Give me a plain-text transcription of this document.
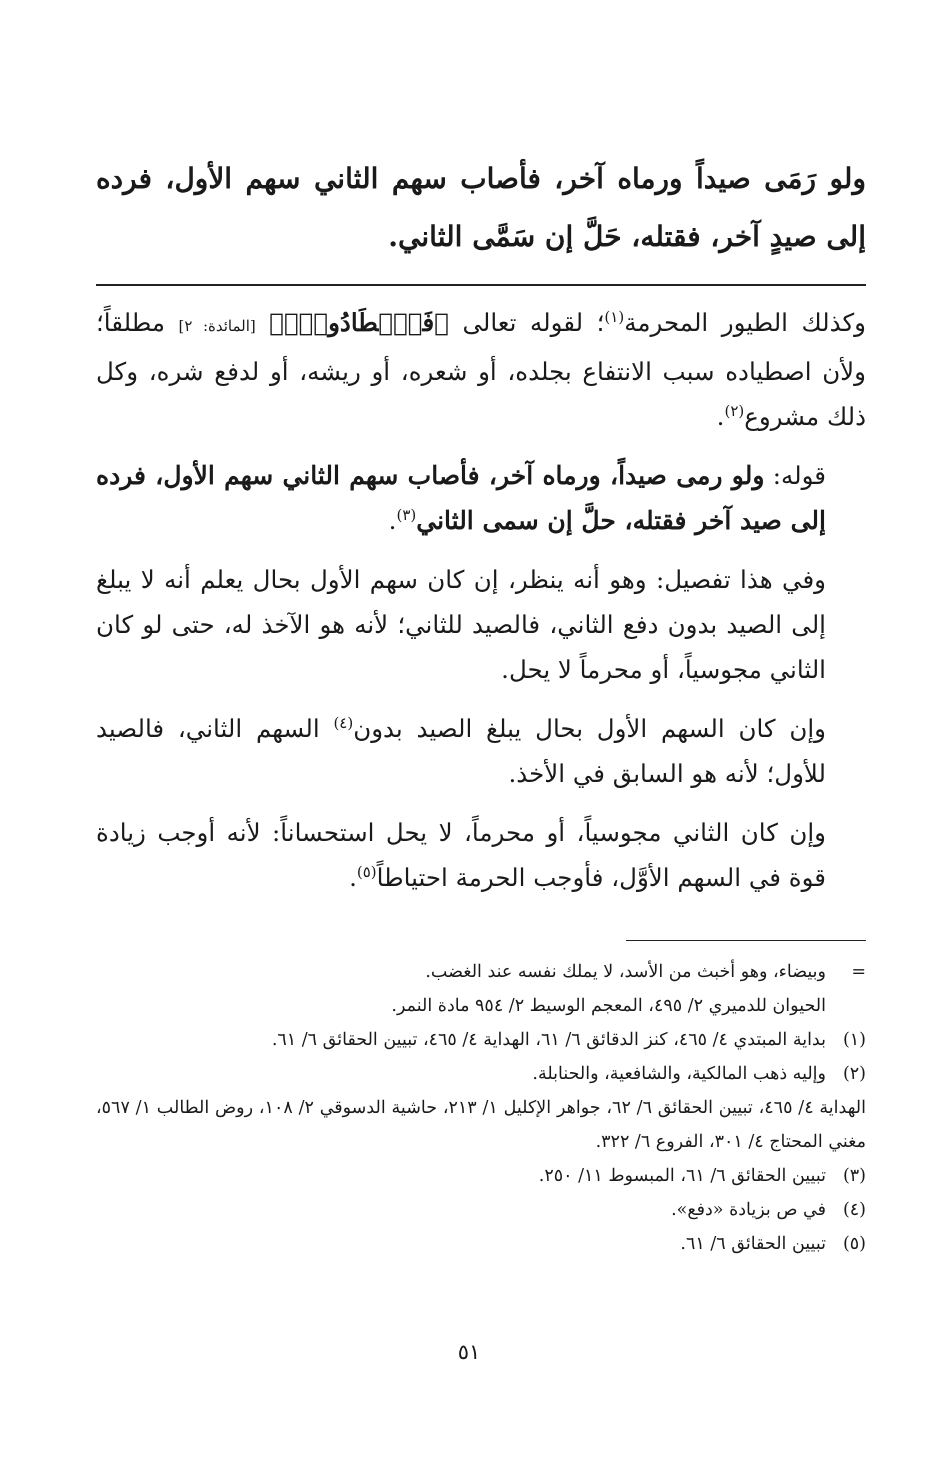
ولو رَمَى صيداً ورماه آخر، فأصاب سهم الثاني سهم الأول، فرده إلى صيدٍ آخر، فقتله، حَلَّ إن سَمَّى الثاني.

وكذلك الطيور المحرمة$^{(١)}$؛ لقوله تعالى ﴿فَٱصۡطَادُواْۚ﴾ [المائدة: ٢] مطلقاً؛ ولأن اصطياده سبب الانتفاع بجلده، أو شعره، أو ريشه، أو لدفع شره، وكل ذلك مشروع$^{(٢)}$.

قوله: ولو رمى صيداً، ورماه آخر، فأصاب سهم الثاني سهم الأول، فرده إلى صيد آخر فقتله، حلَّ إن سمى الثاني$^{(٣)}$.

وفي هذا تفصيل: وهو أنه ينظر، إن كان سهم الأول بحال يعلم أنه لا يبلغ إلى الصيد بدون دفع الثاني، فالصيد للثاني؛ لأنه هو الآخذ له، حتى لو كان الثاني مجوسياً، أو محرماً لا يحل.

وإن كان السهم الأول بحال يبلغ الصيد بدون$^{(٤)}$ السهم الثاني، فالصيد للأول؛ لأنه هو السابق في الأخذ.

وإن كان الثاني مجوسياً، أو محرماً، لا يحل استحساناً: لأنه أوجب زيادة قوة في السهم الأوَّل، فأوجب الحرمة احتياطاً$^{(٥)}$.

=
وبيضاء، وهو أخبث من الأسد، لا يملك نفسه عند الغضب.
الحيوان للدميري ٢/ ٤٩٥، المعجم الوسيط ٢/ ٩٥٤ مادة النمر.
(١)
بداية المبتدي ٤/ ٤٦٥، كنز الدقائق ٦/ ٦١، الهداية ٤/ ٤٦٥، تبيين الحقائق ٦/ ٦١.
(٢)
وإليه ذهب المالكية، والشافعية، والحنابلة.

الهداية ٤/ ٤٦٥، تبيين الحقائق ٦/ ٦٢، جواهر الإكليل ١/ ٢١٣، حاشية الدسوقي ٢/ ١٠٨، روض الطالب ١/ ٥٦٧، مغني المحتاج ٤/ ٣٠١، الفروع ٦/ ٣٢٢.

(٣)
تبيين الحقائق ٦/ ٦١، المبسوط ١١/ ٢٥٠.
(٤)
في ص بزيادة «دفع».
(٥)
تبيين الحقائق ٦/ ٦١.
٥١
